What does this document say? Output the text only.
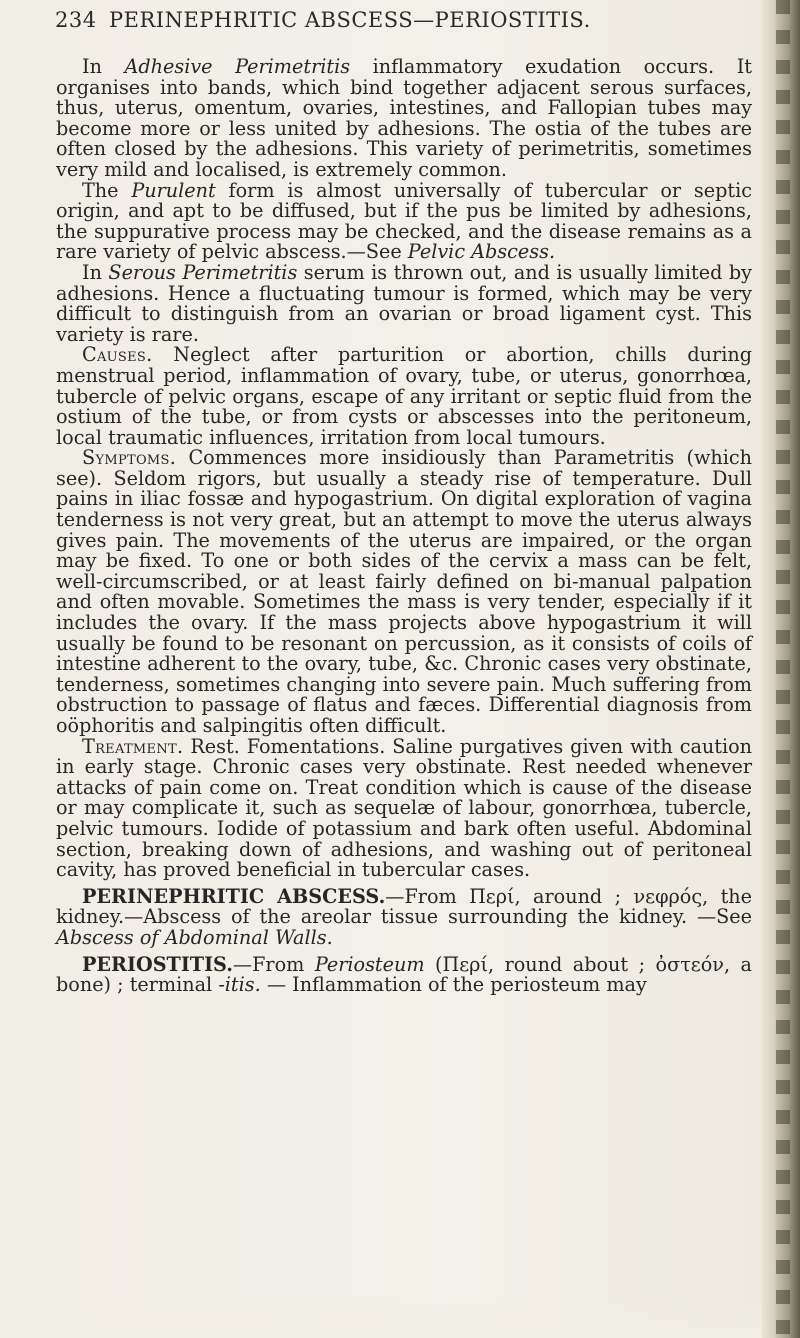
234 PERINEPHRITIC ABSCESS—PERIOSTITIS.

In Adhesive Perimetritis inflammatory exudation occurs. It organises into bands, which bind together adjacent serous surfaces, thus, uterus, omentum, ovaries, intestines, and Fallopian tubes may become more or less united by adhesions. The ostia of the tubes are often closed by the adhesions. This variety of perimetritis, sometimes very mild and localised, is extremely common.

The Purulent form is almost universally of tubercular or septic origin, and apt to be diffused, but if the pus be limited by adhesions, the suppurative process may be checked, and the disease remains as a rare variety of pelvic abscess.—See Pelvic Abscess.

In Serous Perimetritis serum is thrown out, and is usually limited by adhesions. Hence a fluctuating tumour is formed, which may be very difficult to distinguish from an ovarian or broad ligament cyst. This variety is rare.

Causes. Neglect after parturition or abortion, chills during menstrual period, inflammation of ovary, tube, or uterus, gonorrhœa, tubercle of pelvic organs, escape of any irritant or septic fluid from the ostium of the tube, or from cysts or abscesses into the peritoneum, local traumatic influences, irritation from local tumours.

Symptoms. Commences more insidiously than Parametritis (which see). Seldom rigors, but usually a steady rise of temperature. Dull pains in iliac fossæ and hypogastrium. On digital exploration of vagina tenderness is not very great, but an attempt to move the uterus always gives pain. The movements of the uterus are impaired, or the organ may be fixed. To one or both sides of the cervix a mass can be felt, well-circumscribed, or at least fairly defined on bi-manual palpation and often movable. Sometimes the mass is very tender, especially if it includes the ovary. If the mass projects above hypogastrium it will usually be found to be resonant on percussion, as it consists of coils of intestine adherent to the ovary, tube, &c. Chronic cases very obstinate, tenderness, sometimes changing into severe pain. Much suffering from obstruction to passage of flatus and fæces. Differential diagnosis from oöphoritis and salpingitis often difficult.

Treatment. Rest. Fomentations. Saline purgatives given with caution in early stage. Chronic cases very obstinate. Rest needed whenever attacks of pain come on. Treat condition which is cause of the disease or may complicate it, such as sequelæ of labour, gonorrhœa, tubercle, pelvic tumours. Iodide of potassium and bark often useful. Abdominal section, breaking down of adhesions, and washing out of peritoneal cavity, has proved beneficial in tubercular cases.

PERINEPHRITIC ABSCESS.—From Περί, around ; νεφρός, the kidney.—Abscess of the areolar tissue surrounding the kidney. —See Abscess of Abdominal Walls.

PERIOSTITIS.—From Periosteum (Περί, round about ; ὀστεόν, a bone) ; terminal -itis. — Inflammation of the periosteum may
